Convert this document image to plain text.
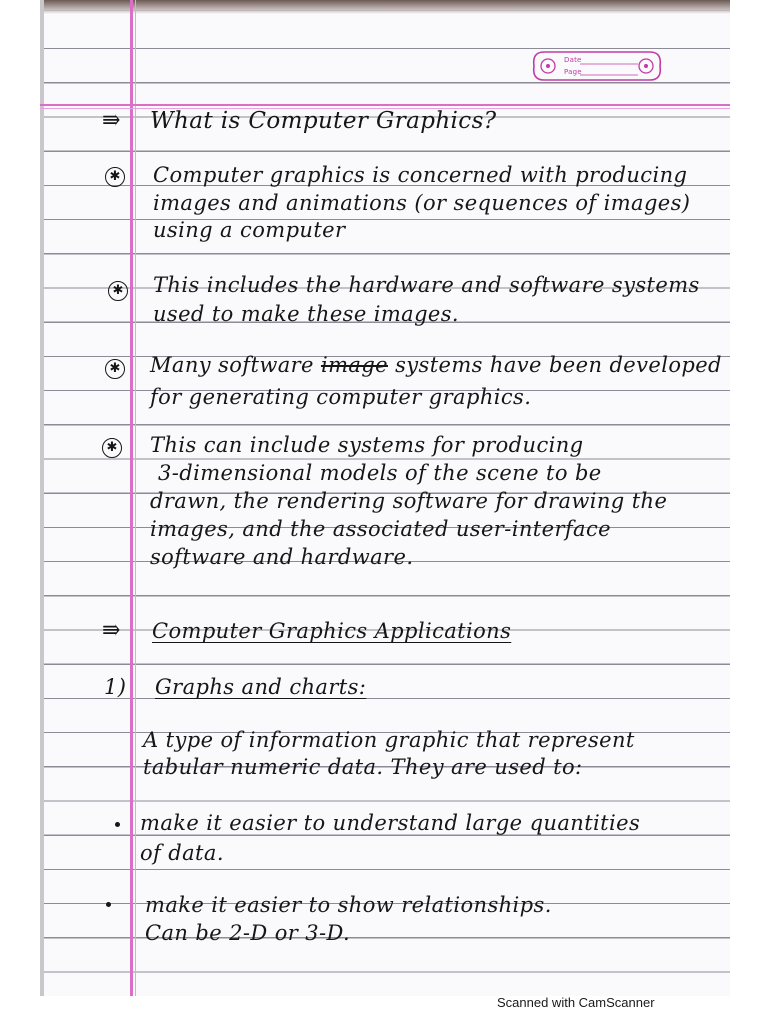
Date
Page
⇛ What is Computer Graphics?

✱ Computer graphics is concerned with producing

images and animations (or sequences of images)

using a computer

✱ This includes the hardware and software systems

used to make these images.

✱ Many software image systems have been developed

for generating computer graphics.

✱ This can include systems for producing

3-dimensional models of the scene to be

drawn, the rendering software for drawing the

images, and the associated user-interface

software and hardware.

⇛ Computer Graphics Applications

1) Graphs and charts:

A type of information graphic that represent

tabular numeric data. They are used to:

make it easier to understand large quantities

of data.

make it easier to show relationships.

Can be 2-D or 3-D.

Scanned with CamScanner
